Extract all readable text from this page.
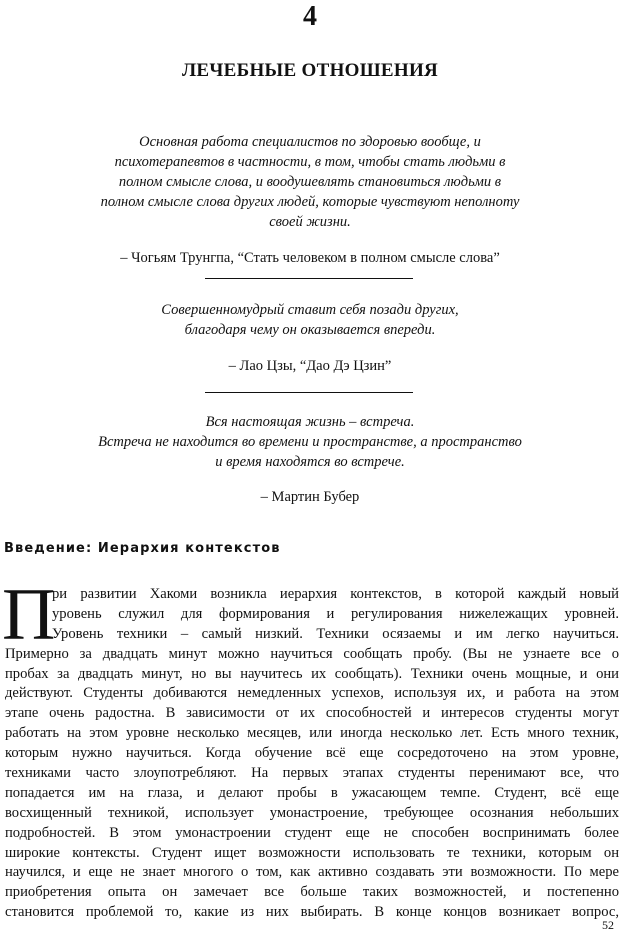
4
ЛЕЧЕБНЫЕ ОТНОШЕНИЯ
Основная работа специалистов по здоровью вообще, и
психотерапевтов в частности, в том, чтобы стать людьми в
полном смысле слова, и воодушевлять становиться людьми в
полном смысле слова других людей, которые чувствуют неполноту
своей жизни.
– Чогьям Трунгпа, “Стать человеком в полном смысле слова”
Совершенномудрый ставит себя позади других,
благодаря чему он оказывается впереди.
– Лао Цзы, “Дао Дэ Цзин”
Вся настоящая жизнь – встреча.
Встреча не находится во времени и пространстве, а пространство
и время находятся во встрече.
– Мартин Бубер
Введение: Иерархия контекстов
П
ри развитии Хакоми возникла иерархия контекстов, в которой каждый новый
уровень служил для формирования и регулирования нижележащих уровней.
Уровень техники – самый низкий. Техники осязаемы и им легко научиться.
Примерно за двадцать минут можно научиться сообщать пробу. (Вы не узнаете все о
пробах за двадцать минут, но вы научитесь их сообщать). Техники очень мощные, и они
действуют. Студенты добиваются немедленных успехов, используя их, и работа на этом
этапе очень радостна. В зависимости от их способностей и интересов студенты могут
работать на этом уровне несколько месяцев, или иногда несколько лет. Есть много техник,
которым нужно научиться. Когда обучение всё еще сосредоточено на этом уровне,
техниками часто злоупотребляют. На первых этапах студенты перенимают все, что
попадается им на глаза, и делают пробы в ужасающем темпе. Студент, всё еще
восхищенный техникой, использует умонастроение, требующее осознания небольших
подробностей. В этом умонастроении студент еще не способен воспринимать более
широкие контексты. Студент ищет возможности использовать те техники, которым он
научился, и еще не знает многого о том, как активно создавать эти возможности. По мере
приобретения опыта он замечает все больше таких возможностей, и постепенно
становится проблемой то, какие из них выбирать. В конце концов возникает вопрос,
52
